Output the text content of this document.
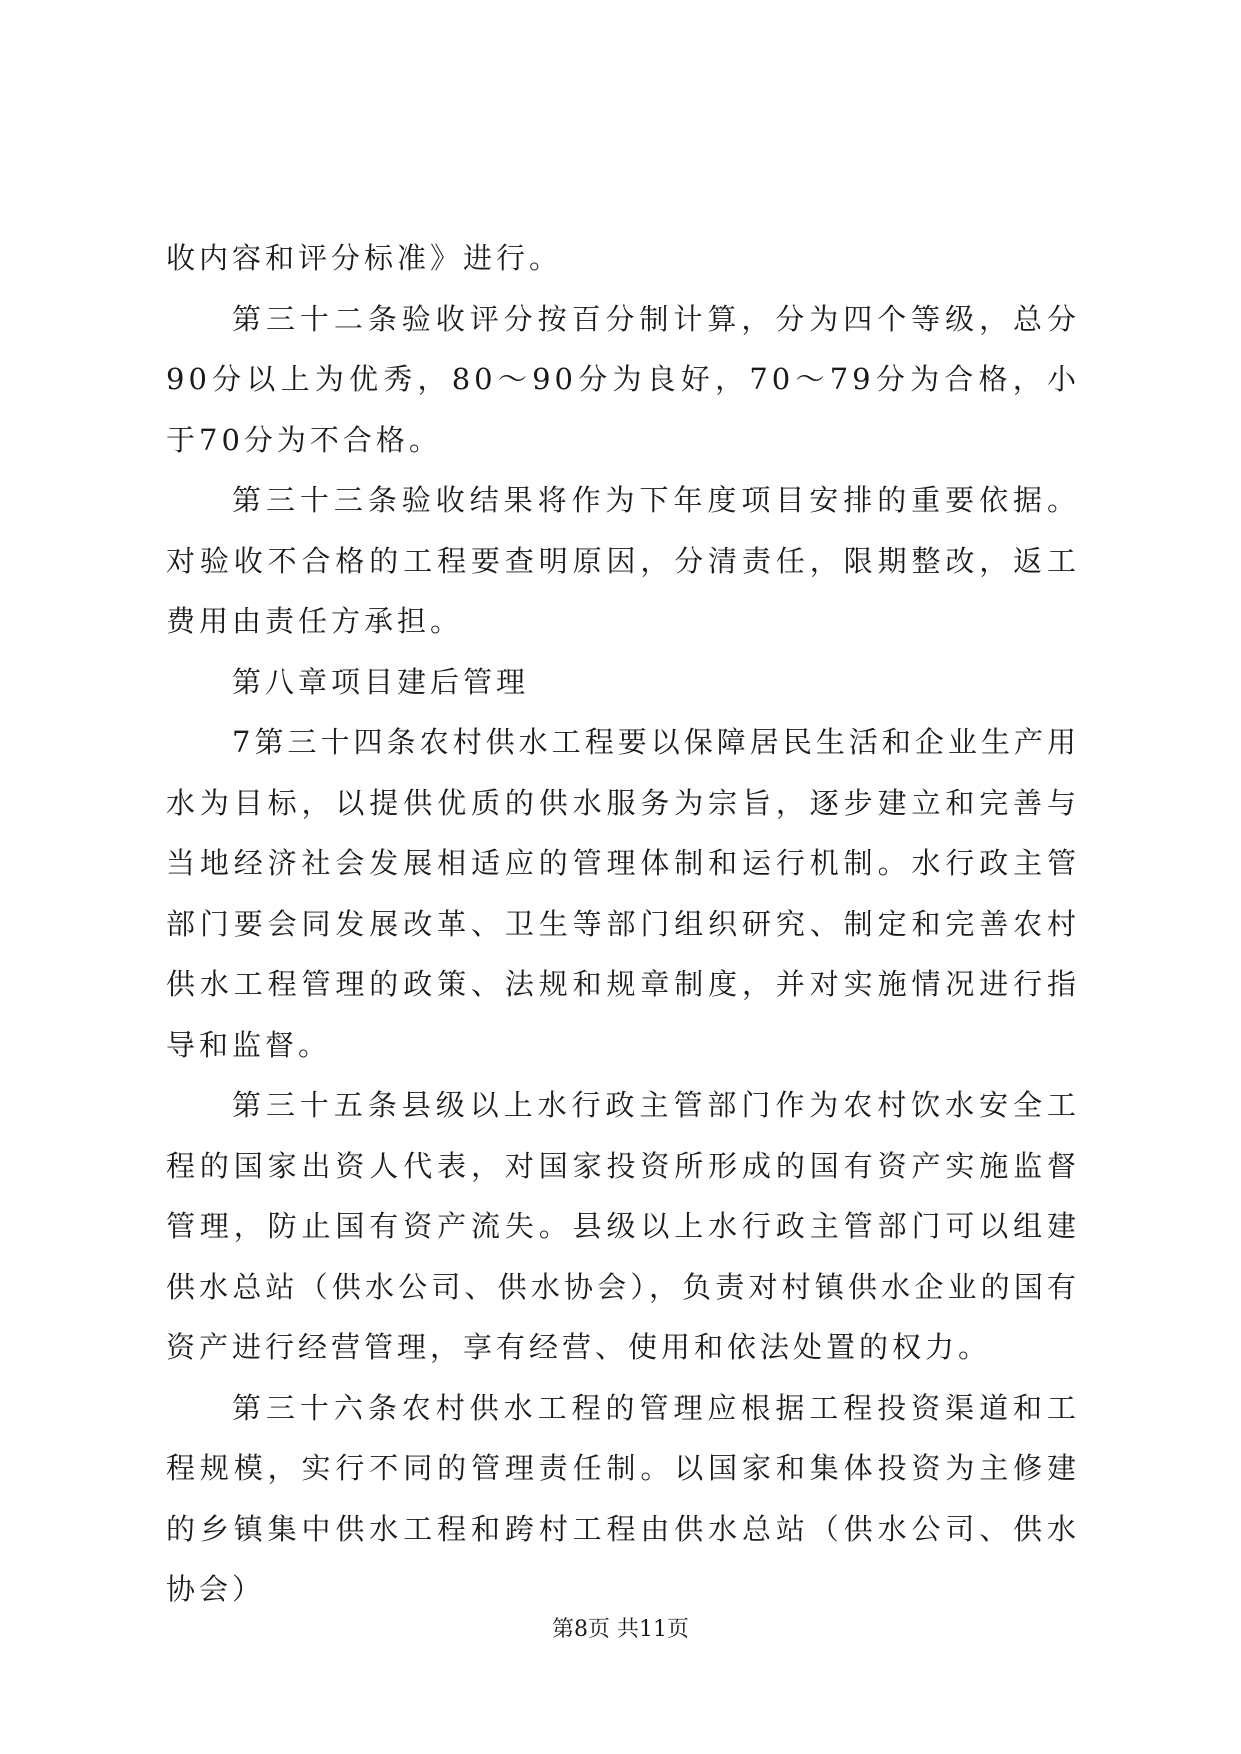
收内容和评分标准》进行。

第三十二条验收评分按百分制计算，分为四个等级，总分90分以上为优秀，80～90分为良好，70～79分为合格，小于70分为不合格。

第三十三条验收结果将作为下年度项目安排的重要依据。对验收不合格的工程要查明原因，分清责任，限期整改，返工费用由责任方承担。

第八章项目建后管理

7第三十四条农村供水工程要以保障居民生活和企业生产用水为目标，以提供优质的供水服务为宗旨，逐步建立和完善与当地经济社会发展相适应的管理体制和运行机制。水行政主管部门要会同发展改革、卫生等部门组织研究、制定和完善农村供水工程管理的政策、法规和规章制度，并对实施情况进行指导和监督。

第三十五条县级以上水行政主管部门作为农村饮水安全工程的国家出资人代表，对国家投资所形成的国有资产实施监督管理，防止国有资产流失。县级以上水行政主管部门可以组建供水总站（供水公司、供水协会），负责对村镇供水企业的国有资产进行经营管理，享有经营、使用和依法处置的权力。

第三十六条农村供水工程的管理应根据工程投资渠道和工程规模，实行不同的管理责任制。以国家和集体投资为主修建的乡镇集中供水工程和跨村工程由供水总站（供水公司、供水协会）

第8页 共11页
